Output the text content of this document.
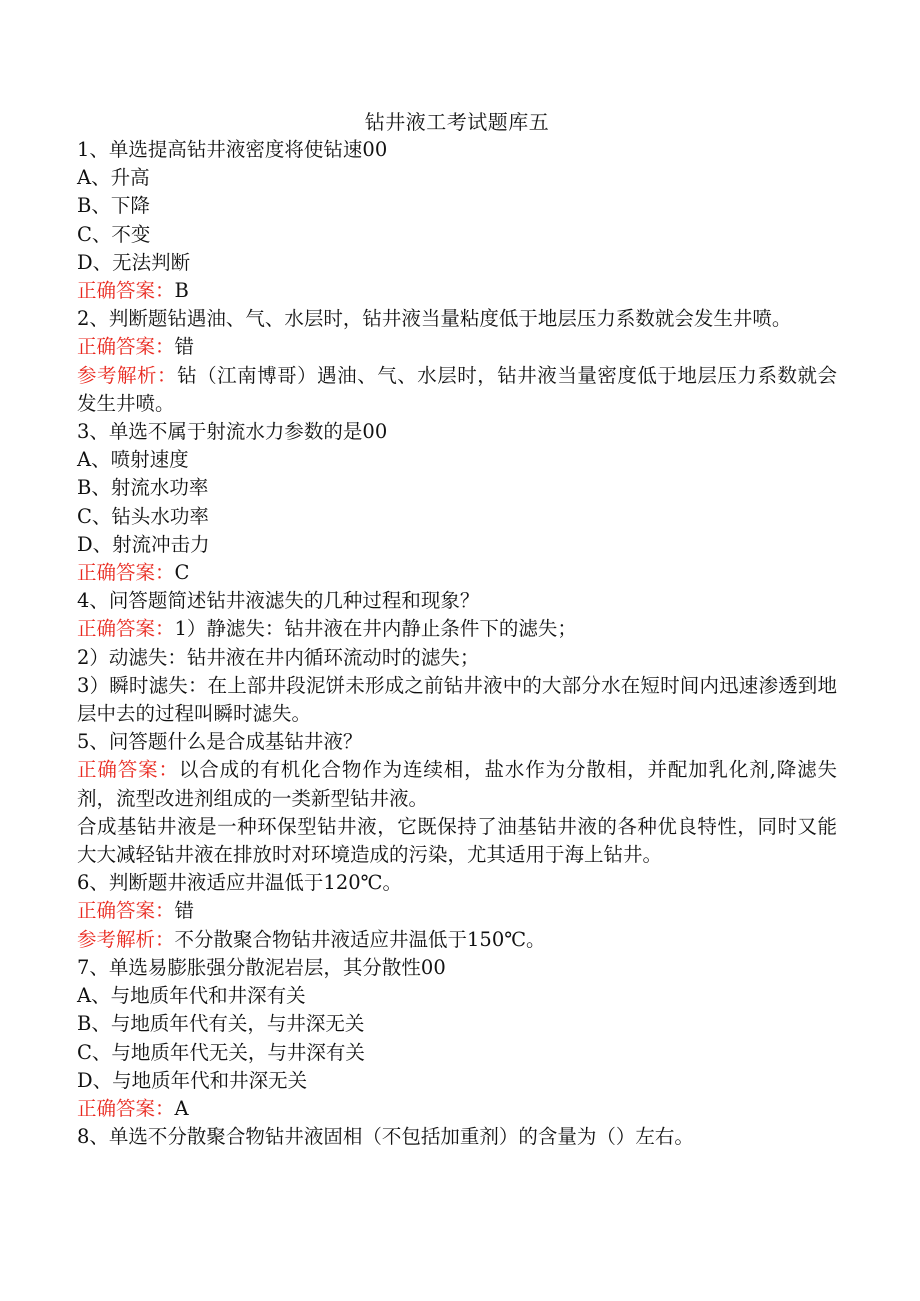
钻井液工考试题库五
1、单选提高钻井液密度将使钻速00
A、升高
B、下降
C、不变
D、无法判断
正确答案：B
2、判断题钻遇油、气、水层时，钻井液当量粘度低于地层压力系数就会发生井喷。
正确答案：错
参考解析：钻（江南博哥）遇油、气、水层时，钻井液当量密度低于地层压力系数就会发生井喷。
3、单选不属于射流水力参数的是00
A、喷射速度
B、射流水功率
C、钻头水功率
D、射流冲击力
正确答案：C
4、问答题简述钻井液滤失的几种过程和现象？
正确答案：1）静滤失：钻井液在井内静止条件下的滤失；
2）动滤失：钻井液在井内循环流动时的滤失；
3）瞬时滤失：在上部井段泥饼未形成之前钻井液中的大部分水在短时间内迅速渗透到地层中去的过程叫瞬时滤失。
5、问答题什么是合成基钻井液？
正确答案：以合成的有机化合物作为连续相，盐水作为分散相，并配加乳化剂,降滤失剂，流型改进剂组成的一类新型钻井液。
合成基钻井液是一种环保型钻井液，它既保持了油基钻井液的各种优良特性，同时又能大大减轻钻井液在排放时对环境造成的污染，尤其适用于海上钻井。
6、判断题井液适应井温低于120℃。
正确答案：错
参考解析：不分散聚合物钻井液适应井温低于150℃。
7、单选易膨胀强分散泥岩层，其分散性00
A、与地质年代和井深有关
B、与地质年代有关，与井深无关
C、与地质年代无关，与井深有关
D、与地质年代和井深无关
正确答案：A
8、单选不分散聚合物钻井液固相（不包括加重剂）的含量为（）左右。
